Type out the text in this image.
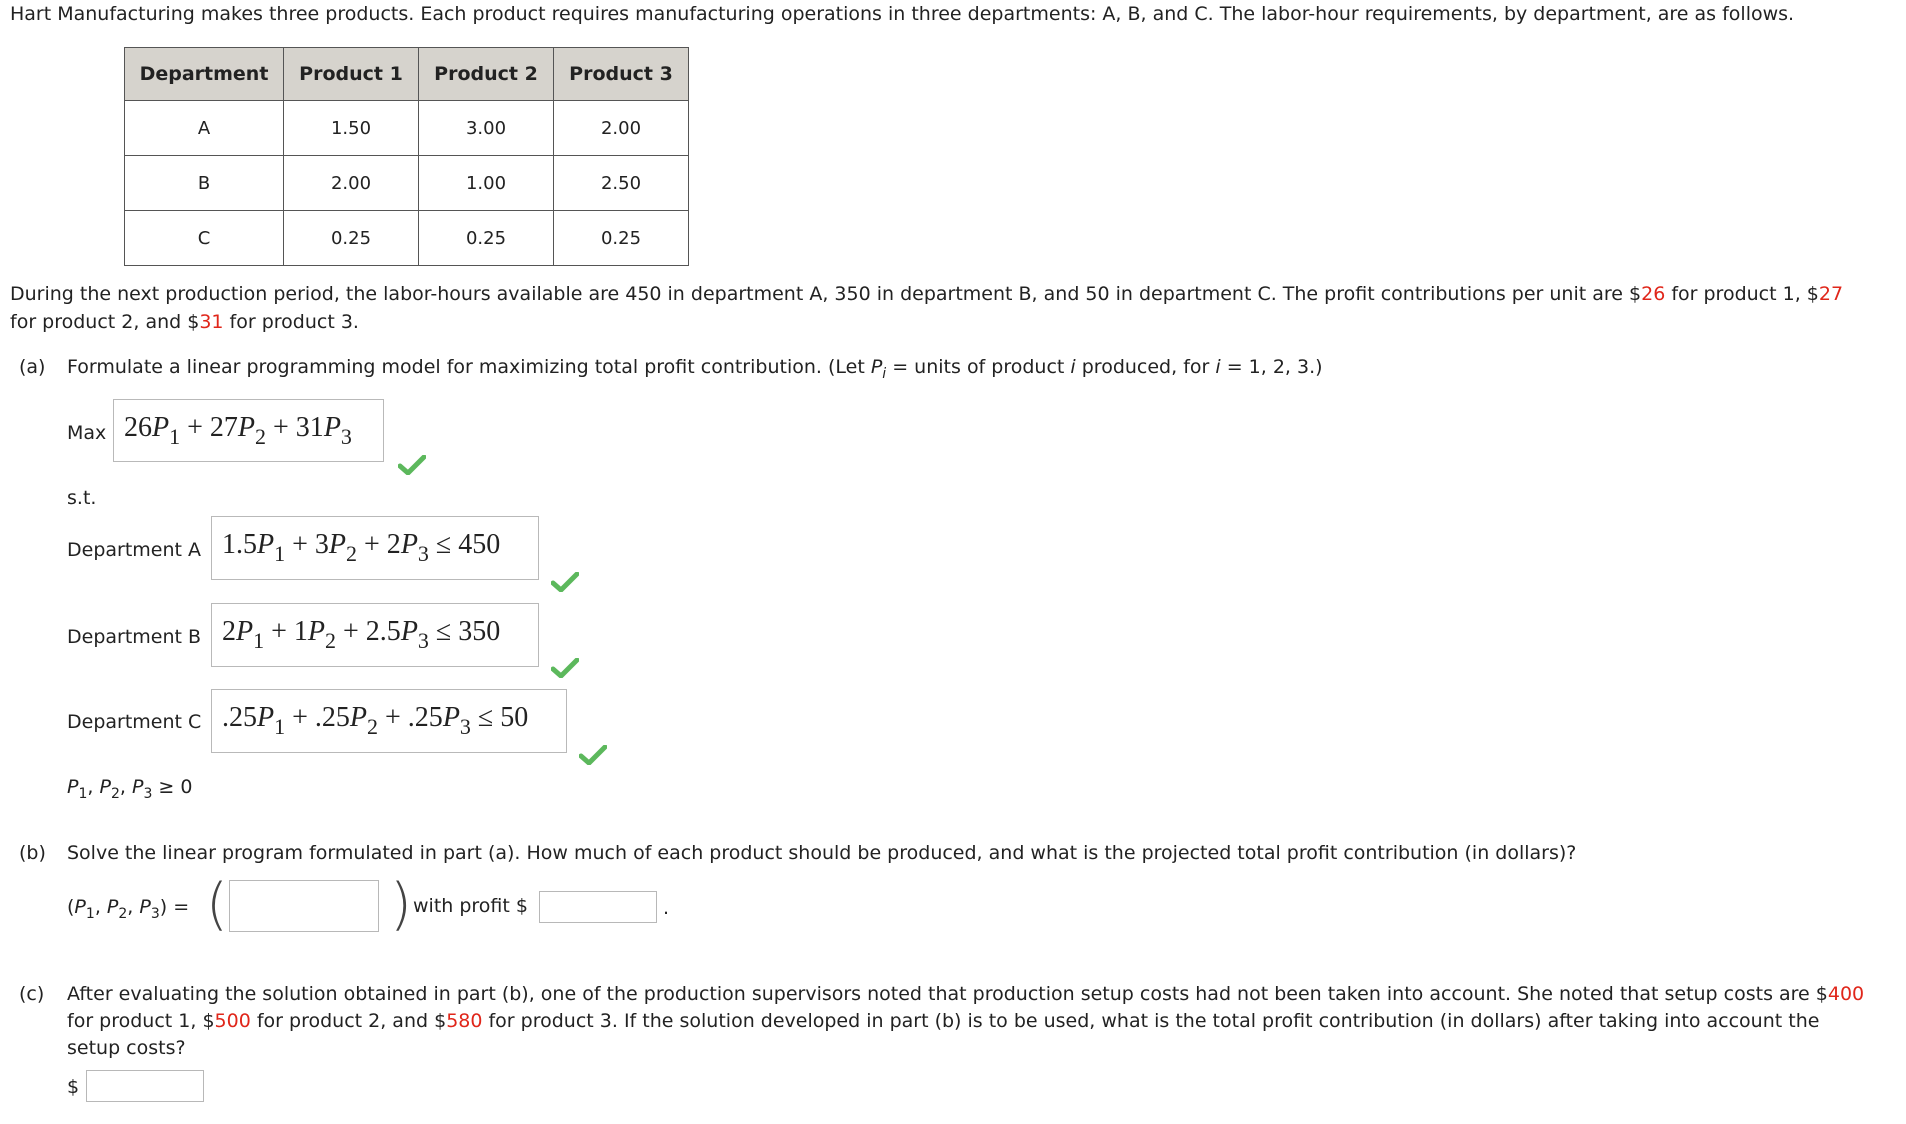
Hart Manufacturing makes three products. Each product requires manufacturing operations in three departments: A, B, and C. The labor-hour requirements, by department, are as follows.
Department	Product 1	Product 2	Product 3
A	1.50	3.00	2.00
B	2.00	1.00	2.50
C	0.25	0.25	0.25
During the next production period, the labor-hours available are 450 in department A, 350 in department B, and 50 in department C. The profit contributions per unit are $26 for product 1, $27
for product 2, and $31 for product 3.
(a) Formulate a linear programming model for maximizing total profit contribution. (Let $P_i$ = units of product i produced, for i = 1, 2, 3.)
Max $26P_1 + 27P_2 + 31P_3$
s.t.
Department A $1.5P_1 + 3P_2 + 2P_3 \le 450$
Department B $2P_1 + 1P_2 + 2.5P_3 \le 350$
Department C $.25P_1 + .25P_2 + .25P_3 \le 50$
$P_1$, $P_2$, $P_3 \ge 0$
(b) Solve the linear program formulated in part (a). How much of each product should be produced, and what is the projected total profit contribution (in dollars)?
($P_1$, $P_2$, $P_3$) = (	) with profit $	.
(c) After evaluating the solution obtained in part (b), one of the production supervisors noted that production setup costs had not been taken into account. She noted that setup costs are $400
for product 1, $500 for product 2, and $580 for product 3. If the solution developed in part (b) is to be used, what is the total profit contribution (in dollars) after taking into account the
setup costs?
$
